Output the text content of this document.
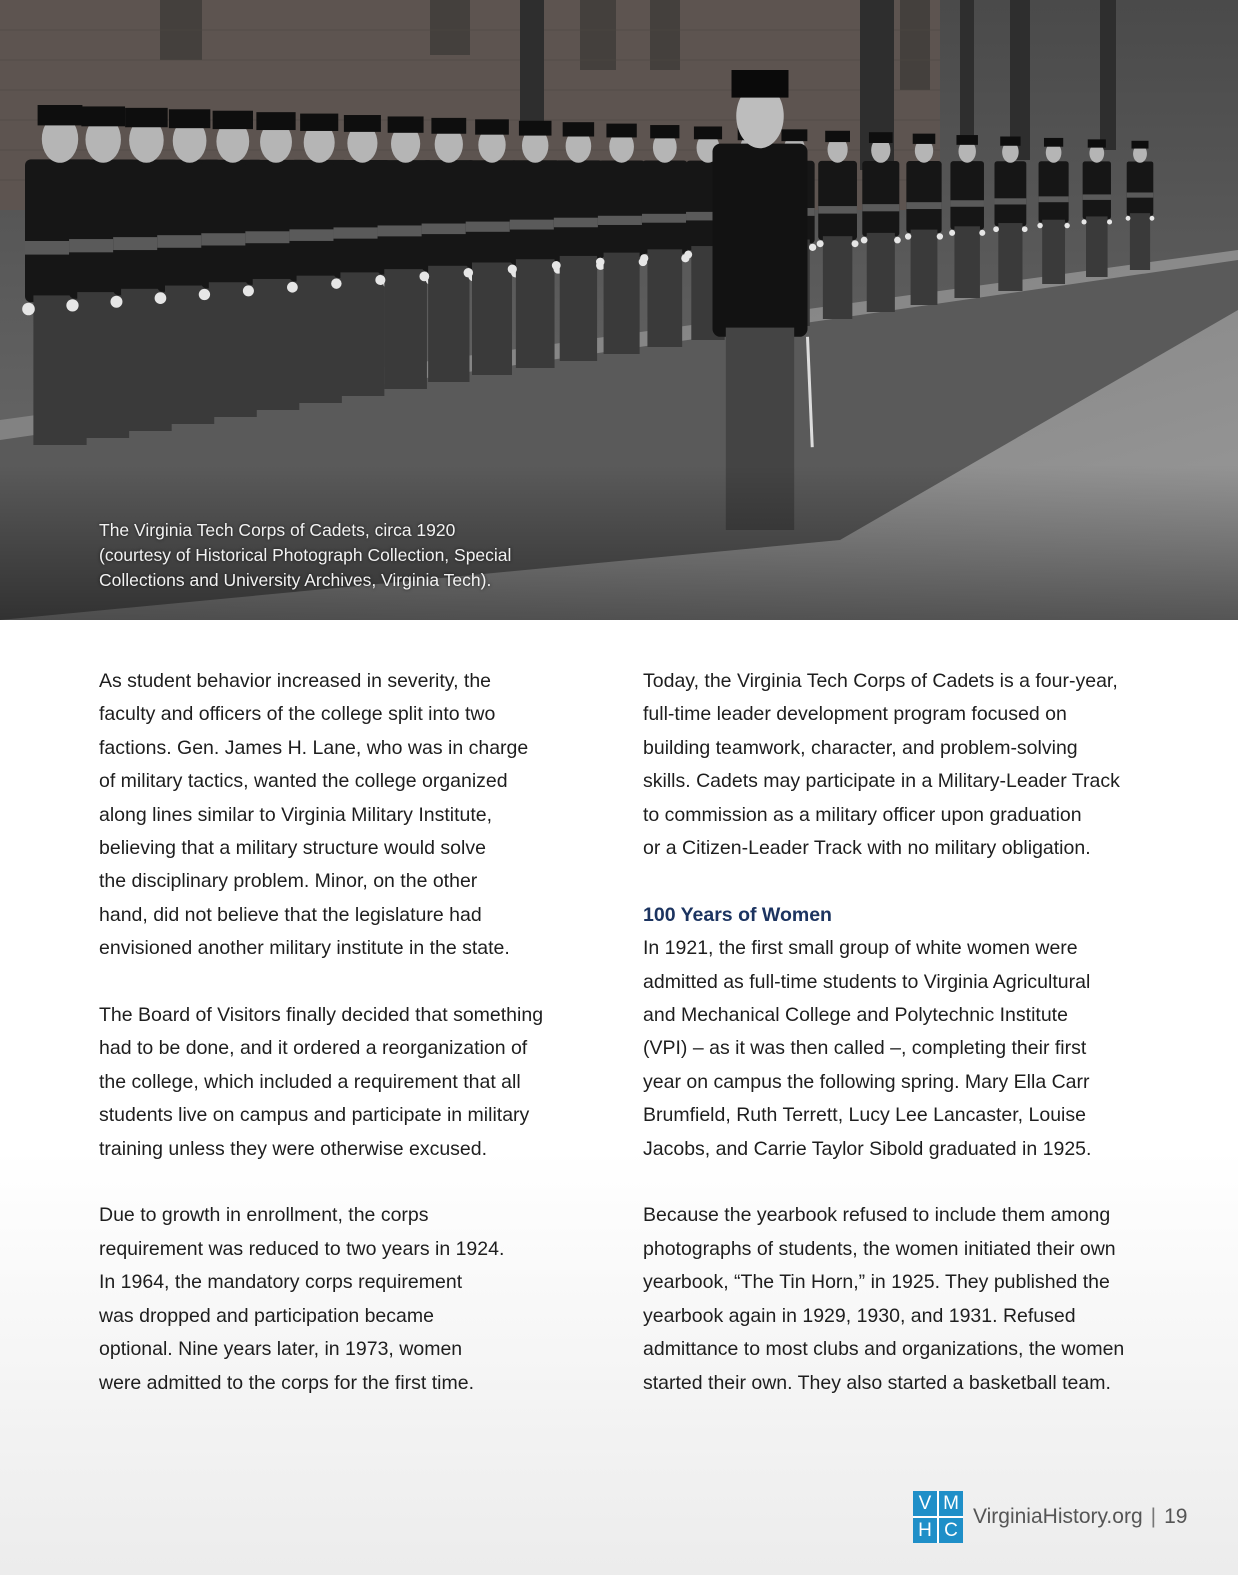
The Virginia Tech Corps of Cadets, circa 1920
(courtesy of Historical Photograph Collection, Special Collections and University Archives, Virginia Tech).

As student behavior increased in severity, the
faculty and officers of the college split into two
factions. Gen. James H. Lane, who was in charge
of military tactics, wanted the college organized
along lines similar to Virginia Military Institute,
believing that a military structure would solve
the disciplinary problem. Minor, on the other
hand, did not believe that the legislature had
envisioned another military institute in the state.

The Board of Visitors finally decided that something
had to be done, and it ordered a reorganization of
the college, which included a requirement that all
students live on campus and participate in military
training unless they were otherwise excused.

Due to growth in enrollment, the corps
requirement was reduced to two years in 1924.
In 1964, the mandatory corps requirement
was dropped and participation became
optional. Nine years later, in 1973, women
were admitted to the corps for the first time.

Today, the Virginia Tech Corps of Cadets is a four-year,
full-time leader development program focused on
building teamwork, character, and problem-solving
skills. Cadets may participate in a Military-Leader Track
to commission as a military officer upon graduation
or a Citizen-Leader Track with no military obligation.

100 Years of Women

In 1921, the first small group of white women were
admitted as full-time students to Virginia Agricultural
and Mechanical College and Polytechnic Institute
(VPI) – as it was then called –, completing their first
year on campus the following spring. Mary Ella Carr
Brumfield, Ruth Terrett, Lucy Lee Lancaster, Louise
Jacobs, and Carrie Taylor Sibold graduated in 1925.

Because the yearbook refused to include them among
photographs of students, the women initiated their own
yearbook, “The Tin Horn,” in 1925. They published the
yearbook again in 1929, 1930, and 1931. Refused
admittance to most clubs and organizations, the women
started their own. They also started a basketball team.

V M
H C
VirginiaHistory.org | 19
